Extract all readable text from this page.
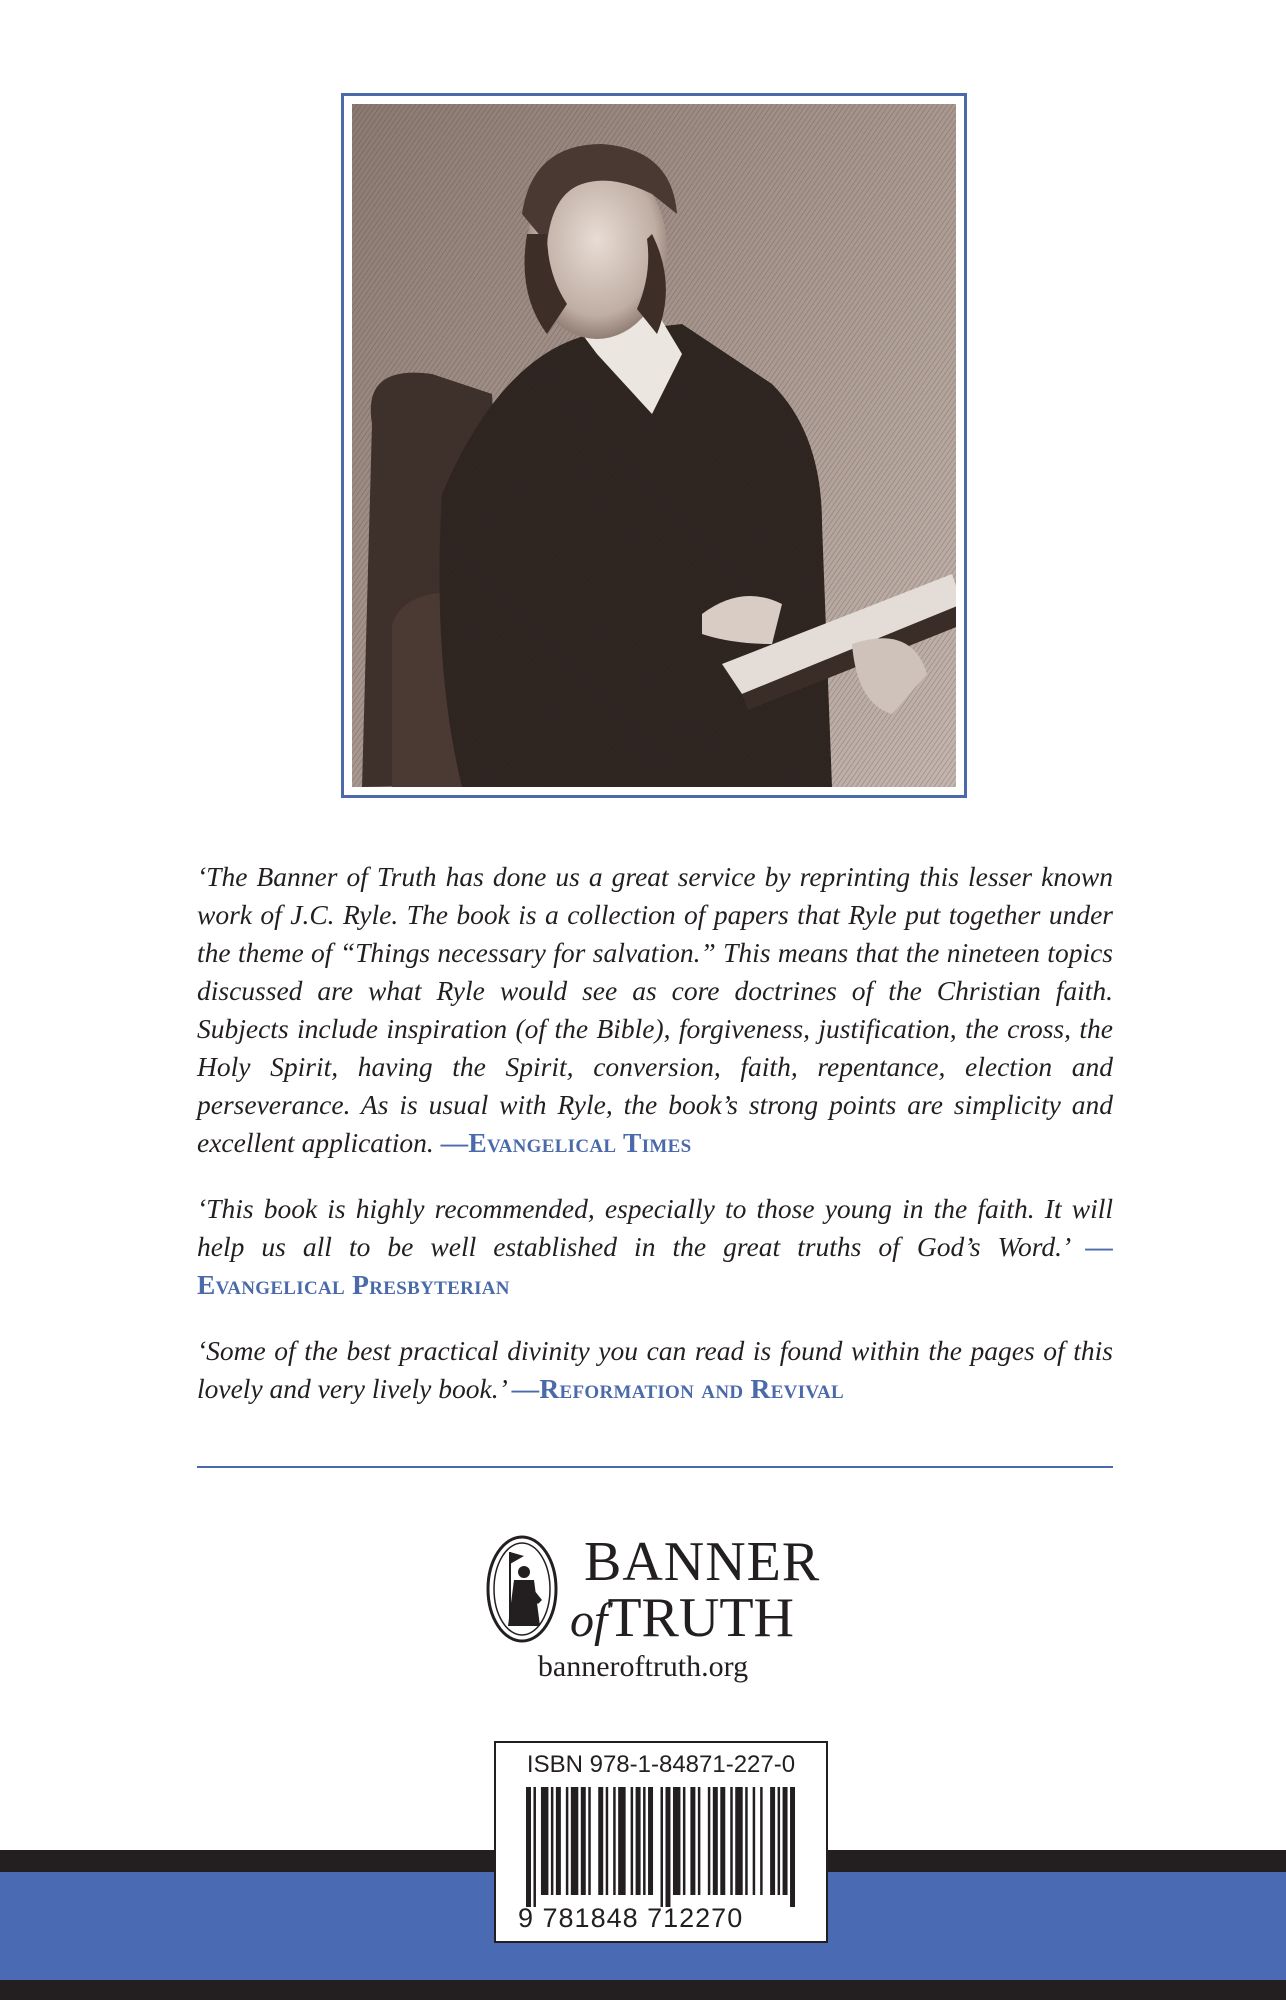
‘The Banner of Truth has done us a great service by reprinting this lesser known work of J.C. Ryle. The book is a collection of papers that Ryle put together under the theme of “Things necessary for salvation.” This means that the nineteen topics discussed are what Ryle would see as core doctrines of the Christian faith. Subjects include inspiration (of the Bible), forgiveness, justification, the cross, the Holy Spirit, having the Spirit, conversion, faith, repentance, election and perseverance. As is usual with Ryle, the book’s strong points are simplicity and excellent application. —Evangelical Times

‘This book is highly recommended, especially to those young in the faith. It will help us all to be well established in the great truths of God’s Word.’ —Evangelical Presbyterian

‘Some of the best practical divinity you can read is found within the pages of this lovely and very lively book.’ —Reformation and Revival

BANNER
ofTRUTH
banneroftruth.org
ISBN 978-1-84871-227-0
9 781848 712270
